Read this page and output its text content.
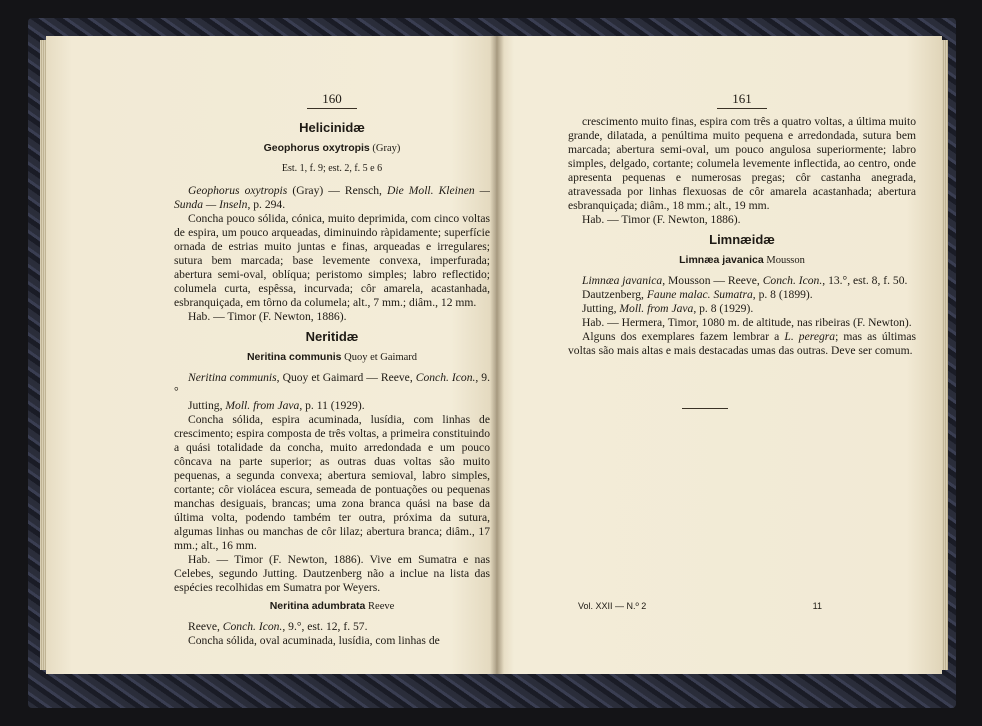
160
Helicinidæ
Geophorus oxytropis (Gray)
Est. 1, f. 9; est. 2, f. 5 e 6

Geophorus oxytropis (Gray) — Rensch, Die Moll. Kleinen — Sunda — Inseln, p. 294.

Concha pouco sólida, cónica, muito deprimida, com cinco voltas de espira, um pouco arqueadas, diminuindo ràpidamente; superfície ornada de estrias muito juntas e finas, arqueadas e irregulares; sutura bem marcada; base levemente convexa, imperfurada; abertura semi-oval, oblíqua; peristomo simples; labro reflectido; columela curta, espêssa, incurvada; côr amarela, acastanhada, esbranquiçada, em tôrno da columela; alt., 7 mm.; diâm., 12 mm.

Hab. — Timor (F. Newton, 1886).

Neritidæ
Neritina communis Quoy et Gaimard

Neritina communis, Quoy et Gaimard — Reeve, Conch. Icon., 9.°

Jutting, Moll. from Java, p. 11 (1929).

Concha sólida, espira acuminada, lusídia, com linhas de crescimento; espira composta de três voltas, a primeira constituindo a quási totalidade da concha, muito arredondada e um pouco côncava na parte superior; as outras duas voltas são muito pequenas, a segunda convexa; abertura semioval, labro simples, cortante; côr violácea escura, semeada de pontuações ou pequenas manchas desiguais, brancas; uma zona branca quási na base da última volta, podendo também ter outra, próxima da sutura, algumas linhas ou manchas de côr lilaz; abertura branca; diâm., 17 mm.; alt., 16 mm.

Hab. — Timor (F. Newton, 1886). Vive em Sumatra e nas Celebes, segundo Jutting. Dautzenberg não a inclue na lista das espécies recolhidas em Sumatra por Weyers.

Neritina adumbrata Reeve

Reeve, Conch. Icon., 9.°, est. 12, f. 57.

Concha sólida, oval acuminada, lusídia, com linhas de

161

crescimento muito finas, espira com três a quatro voltas, a última muito grande, dilatada, a penúltima muito pequena e arredondada, sutura bem marcada; abertura semi-oval, um pouco angulosa superiormente; labro simples, delgado, cortante; columela levemente inflectida, ao centro, onde apresenta pequenas e numerosas pregas; côr castanha anegrada, atravessada por linhas flexuosas de côr amarela acastanhada; abertura esbranquiçada; diâm., 18 mm.; alt., 19 mm.

Hab. — Timor (F. Newton, 1886).

Limnæidæ
Limnæa javanica Mousson

Limnæa javanica, Mousson — Reeve, Conch. Icon., 13.°, est. 8, f. 50.

Dautzenberg, Faune malac. Sumatra, p. 8 (1899).

Jutting, Moll. from Java, p. 8 (1929).

Hab. — Hermera, Timor, 1080 m. de altitude, nas ribeiras (F. Newton).

Alguns dos exemplares fazem lembrar a L. peregra; mas as últimas voltas são mais altas e mais destacadas umas das outras. Deve ser comum.

Vol. XXII — N.º 2	11
